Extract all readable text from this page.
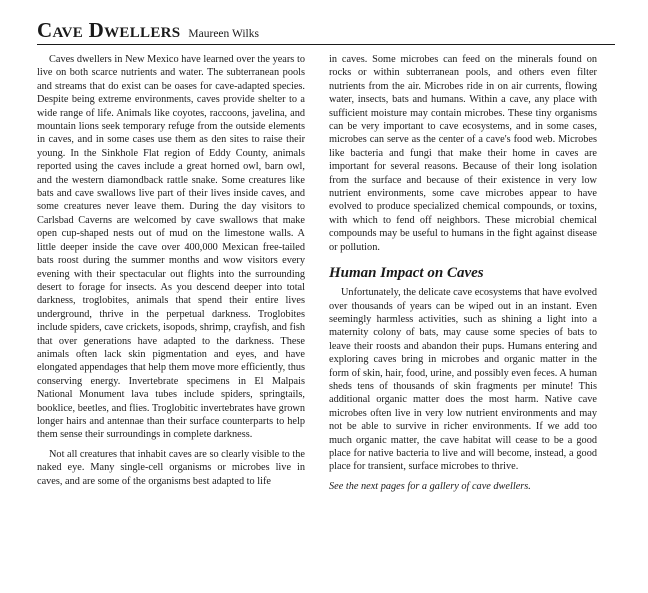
Cave Dwellers Maureen Wilks

Caves dwellers in New Mexico have learned over the years to live on both scarce nutrients and water. The subterranean pools and streams that do exist can be oases for cave-adapted species. Despite being extreme environments, caves provide shelter to a wide range of life. Animals like coyotes, raccoons, javelina, and mountain lions seek temporary refuge from the outside elements in caves, and in some cases use them as den sites to raise their young. In the Sinkhole Flat region of Eddy County, animals reported using the caves include a great horned owl, barn owl, and the western diamondback rattle snake. Some creatures like bats and cave swallows live part of their lives inside caves, and some creatures never leave them. During the day visitors to Carlsbad Caverns are welcomed by cave swallows that make open cup-shaped nests out of mud on the limestone walls. A little deeper inside the cave over 400,000 Mexican free-tailed bats roost during the summer months and wow visitors every evening with their spectacular out flights into the surrounding desert to forage for insects. As you descend deeper into total darkness, troglobites, animals that spend their entire lives underground, thrive in the perpetual darkness. Troglobites include spiders, cave crickets, isopods, shrimp, crayfish, and fish that over generations have adapted to the darkness. These animals often lack skin pigmentation and eyes, and have elongated appendages that help them move more efficiently, thus conserving energy. Invertebrate specimens in El Malpais National Monument lava tubes include spiders, springtails, booklice, beetles, and flies. Troglobitic invertebrates have grown longer hairs and antennae than their surface counterparts to help them sense their surroundings in complete darkness.

Not all creatures that inhabit caves are so clearly visible to the naked eye. Many single-cell organisms or microbes live in caves, and are some of the organisms best adapted to life

in caves. Some microbes can feed on the minerals found on rocks or within subterranean pools, and others even filter nutrients from the air. Microbes ride in on air currents, flowing water, insects, bats and humans. Within a cave, any place with sufficient moisture may contain microbes. These tiny organisms can be very important to cave ecosystems, and in some cases, microbes can serve as the center of a cave's food web. Microbes like bacteria and fungi that make their home in caves are important for several reasons. Because of their long isolation from the surface and because of their existence in very low nutrient environments, some cave microbes appear to have evolved to produce specialized chemical compounds, or toxins, with which to fend off neighbors. These microbial chemical compounds may be useful to humans in the fight against disease or pollution.

Human Impact on Caves

Unfortunately, the delicate cave ecosystems that have evolved over thousands of years can be wiped out in an instant. Even seemingly harmless activities, such as shining a light into a maternity colony of bats, may cause some species of bats to leave their roosts and abandon their pups. Humans entering and exploring caves bring in microbes and organic matter in the form of skin, hair, food, urine, and possibly even feces. A human sheds tens of thousands of skin fragments per minute! This additional organic matter does the most harm. Native cave microbes often live in very low nutrient environments and may not be able to survive in richer environments. If we add too much organic matter, the cave habitat will cease to be a good place for native bacteria to live and will become, instead, a good place for transient, surface microbes to thrive.

See the next pages for a gallery of cave dwellers.
